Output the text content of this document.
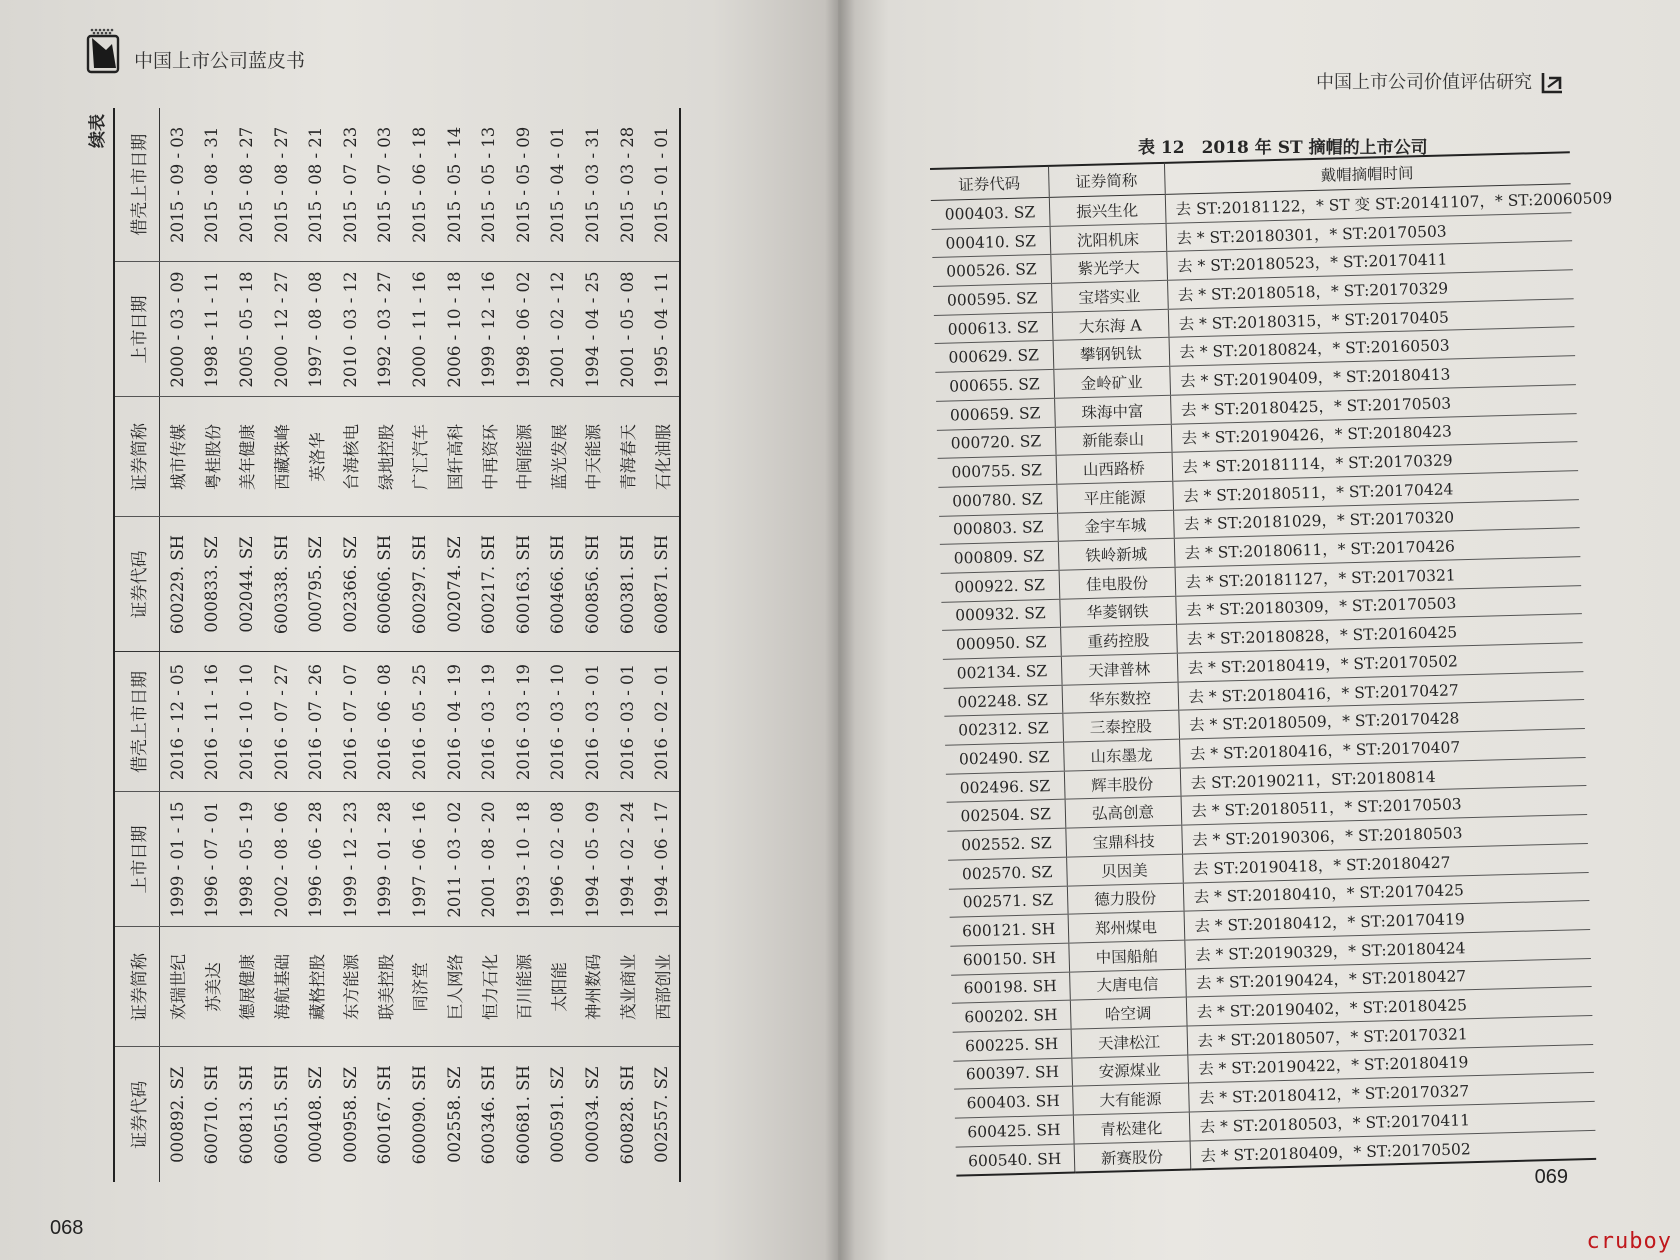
中国上市公司蓝皮书
续表
证券代码	证券简称	上市日期	借壳上市日期	证券代码	证券简称	上市日期	借壳上市日期
000892. SZ	欢瑞世纪	1999 - 01 - 15	2016 - 12 - 05	600229. SH	城市传媒	2000 - 03 - 09	2015 - 09 - 03
600710. SH	苏美达	1996 - 07 - 01	2016 - 11 - 16	000833. SZ	粤桂股份	1998 - 11 - 11	2015 - 08 - 31
600813. SH	德展健康	1998 - 05 - 19	2016 - 10 - 10	002044. SZ	美年健康	2005 - 05 - 18	2015 - 08 - 27
600515. SH	海航基础	2002 - 08 - 06	2016 - 07 - 27	600338. SH	西藏珠峰	2000 - 12 - 27	2015 - 08 - 27
000408. SZ	藏格控股	1996 - 06 - 28	2016 - 07 - 26	000795. SZ	英洛华	1997 - 08 - 08	2015 - 08 - 21
000958. SZ	东方能源	1999 - 12 - 23	2016 - 07 - 07	002366. SZ	台海核电	2010 - 03 - 12	2015 - 07 - 23
600167. SH	联美控股	1999 - 01 - 28	2016 - 06 - 08	600606. SH	绿地控股	1992 - 03 - 27	2015 - 07 - 03
600090. SH	同济堂	1997 - 06 - 16	2016 - 05 - 25	600297. SH	广汇汽车	2000 - 11 - 16	2015 - 06 - 18
002558. SZ	巨人网络	2011 - 03 - 02	2016 - 04 - 19	002074. SZ	国轩高科	2006 - 10 - 18	2015 - 05 - 14
600346. SH	恒力石化	2001 - 08 - 20	2016 - 03 - 19	600217. SH	中再资环	1999 - 12 - 16	2015 - 05 - 13
600681. SH	百川能源	1993 - 10 - 18	2016 - 03 - 19	600163. SH	中闽能源	1998 - 06 - 02	2015 - 05 - 09
000591. SZ	太阳能	1996 - 02 - 08	2016 - 03 - 10	600466. SH	蓝光发展	2001 - 02 - 12	2015 - 04 - 01
000034. SZ	神州数码	1994 - 05 - 09	2016 - 03 - 01	600856. SH	中天能源	1994 - 04 - 25	2015 - 03 - 31
600828. SH	茂业商业	1994 - 02 - 24	2016 - 03 - 01	600381. SH	青海春天	2001 - 05 - 08	2015 - 03 - 28
002557. SZ	西部创业	1994 - 06 - 17	2016 - 02 - 01	600871. SH	石化油服	1995 - 04 - 11	2015 - 01 - 01
068
中国上市公司价值评估研究
069
表 12　2018 年 ST 摘帽的上市公司
证券代码	证券简称	戴帽摘帽时间
000403. SZ	振兴生化	去 ST:20181122，* ST 变 ST:20141107，* ST:20060509
000410. SZ	沈阳机床	去 * ST:20180301，* ST:20170503
000526. SZ	紫光学大	去 * ST:20180523，* ST:20170411
000595. SZ	宝塔实业	去 * ST:20180518，* ST:20170329
000613. SZ	大东海 A	去 * ST:20180315，* ST:20170405
000629. SZ	攀钢钒钛	去 * ST:20180824，* ST:20160503
000655. SZ	金岭矿业	去 * ST:20190409，* ST:20180413
000659. SZ	珠海中富	去 * ST:20180425，* ST:20170503
000720. SZ	新能泰山	去 * ST:20190426，* ST:20180423
000755. SZ	山西路桥	去 * ST:20181114，* ST:20170329
000780. SZ	平庄能源	去 * ST:20180511，* ST:20170424
000803. SZ	金宇车城	去 * ST:20181029，* ST:20170320
000809. SZ	铁岭新城	去 * ST:20180611，* ST:20170426
000922. SZ	佳电股份	去 * ST:20181127，* ST:20170321
000932. SZ	华菱钢铁	去 * ST:20180309，* ST:20170503
000950. SZ	重药控股	去 * ST:20180828，* ST:20160425
002134. SZ	天津普林	去 * ST:20180419，* ST:20170502
002248. SZ	华东数控	去 * ST:20180416，* ST:20170427
002312. SZ	三泰控股	去 * ST:20180509，* ST:20170428
002490. SZ	山东墨龙	去 * ST:20180416，* ST:20170407
002496. SZ	辉丰股份	去 ST:20190211，ST:20180814
002504. SZ	弘高创意	去 * ST:20180511，* ST:20170503
002552. SZ	宝鼎科技	去 * ST:20190306，* ST:20180503
002570. SZ	贝因美	去 ST:20190418，* ST:20180427
002571. SZ	德力股份	去 * ST:20180410，* ST:20170425
600121. SH	郑州煤电	去 * ST:20180412，* ST:20170419
600150. SH	中国船舶	去 * ST:20190329，* ST:20180424
600198. SH	大唐电信	去 * ST:20190424，* ST:20180427
600202. SH	哈空调	去 * ST:20190402，* ST:20180425
600225. SH	天津松江	去 * ST:20180507，* ST:20170321
600397. SH	安源煤业	去 * ST:20190422，* ST:20180419
600403. SH	大有能源	去 * ST:20180412，* ST:20170327
600425. SH	青松建化	去 * ST:20180503，* ST:20170411
600540. SH	新赛股份	去 * ST:20180409，* ST:20170502
cruboy
